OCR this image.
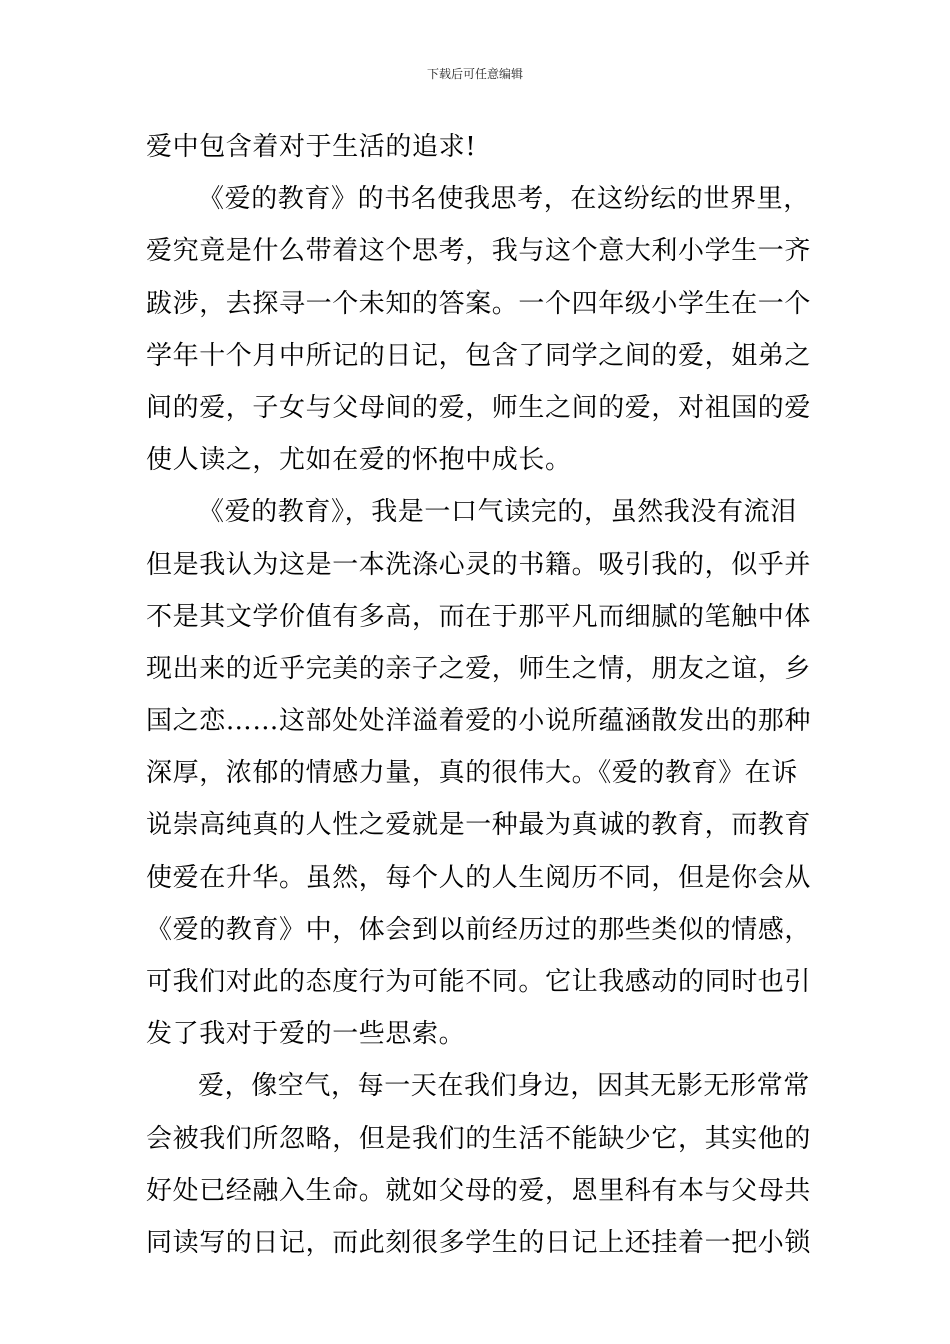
下载后可任意编辑
爱中包含着对于生活的追求!
《爱的教育》的书名使我思考，在这纷纭的世界里，
爱究竟是什么带着这个思考，我与这个意大利小学生一齐
跋涉，去探寻一个未知的答案。一个四年级小学生在一个
学年十个月中所记的日记，包含了同学之间的爱，姐弟之
间的爱，子女与父母间的爱，师生之间的爱，对祖国的爱
使人读之，尤如在爱的怀抱中成长。
《爱的教育》，我是一口气读完的，虽然我没有流泪
但是我认为这是一本洗涤心灵的书籍。吸引我的，似乎并
不是其文学价值有多高，而在于那平凡而细腻的笔触中体
现出来的近乎完美的亲子之爱，师生之情，朋友之谊，乡
国之恋……这部处处洋溢着爱的小说所蕴涵散发出的那种
深厚，浓郁的情感力量，真的很伟大。《爱的教育》在诉
说崇高纯真的人性之爱就是一种最为真诚的教育，而教育
使爱在升华。虽然，每个人的人生阅历不同，但是你会从
《爱的教育》中，体会到以前经历过的那些类似的情感，
可我们对此的态度行为可能不同。它让我感动的同时也引
发了我对于爱的一些思索。
爱，像空气，每一天在我们身边，因其无影无形常常
会被我们所忽略，但是我们的生活不能缺少它，其实他的
好处已经融入生命。就如父母的爱，恩里科有本与父母共
同读写的日记，而此刻很多学生的日记上还挂着一把小锁
